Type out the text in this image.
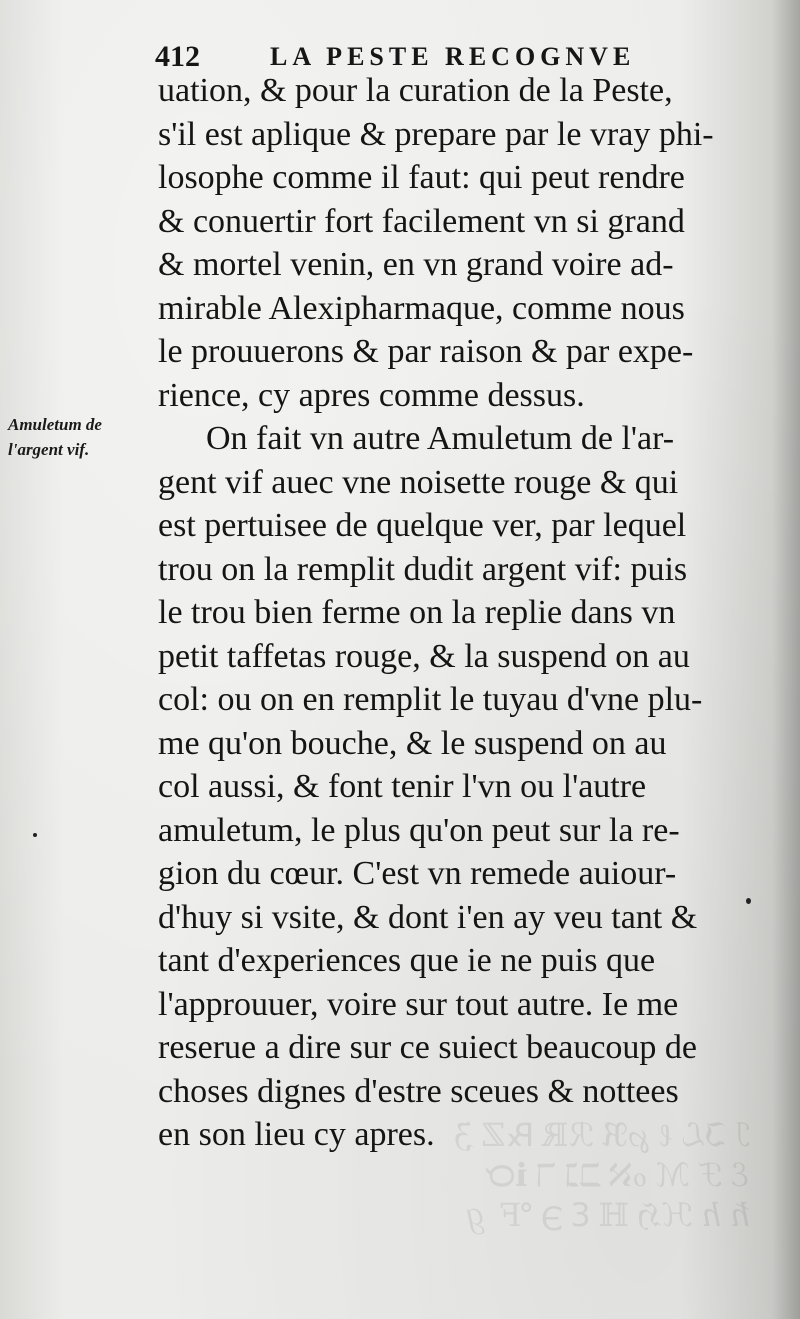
412	LA PESTE RECOGNVE
Amuletum de
l'argent vif.
uation, & pour la curation de la Peste,
s'il est aplique & prepare par le vray phi-
losophe comme il faut: qui peut rendre
& conuertir fort facilement vn si grand
& mortel venin, en vn grand voire ad-
mirable Alexipharmaque, comme nous
le prouuerons & par raison & par expe-
rience, cy apres comme dessus.
On fait vn autre Amuletum de l'ar-
gent vif auec vne noisette rouge & qui
est pertuisee de quelque ver, par lequel
trou on la remplit dudit argent vif: puis
le trou bien ferme on la replie dans vn
petit taffetas rouge, & la suspend on au
col: ou on en remplit le tuyau d'vne plu-
me qu'on bouche, & le suspend on au
col aussi, & font tenir l'vn ou l'autre
amuletum, le plus qu'on peut sur la re-
gion du cœur. C'est vn remede auiour-
d'huy si vsite, & dont i'en ay veu tant &
tant d'experiences que ie ne puis que
l'approuuer, voire sur tout autre. Ie me
reserue a dire sur ce suiect beaucoup de
choses dignes d'estre sceues & nottees
en son lieu cy apres. ℐ ℑℒ ℓ ℘ℜ ℛℝ ℞ℤ ℨ
ℰ ℱ ℳ ℴℵ ℶℷ ℸ ℹ℺
ℏ ℎ ℋℌ ℍ ℇ ℈ ℉ ℊ
